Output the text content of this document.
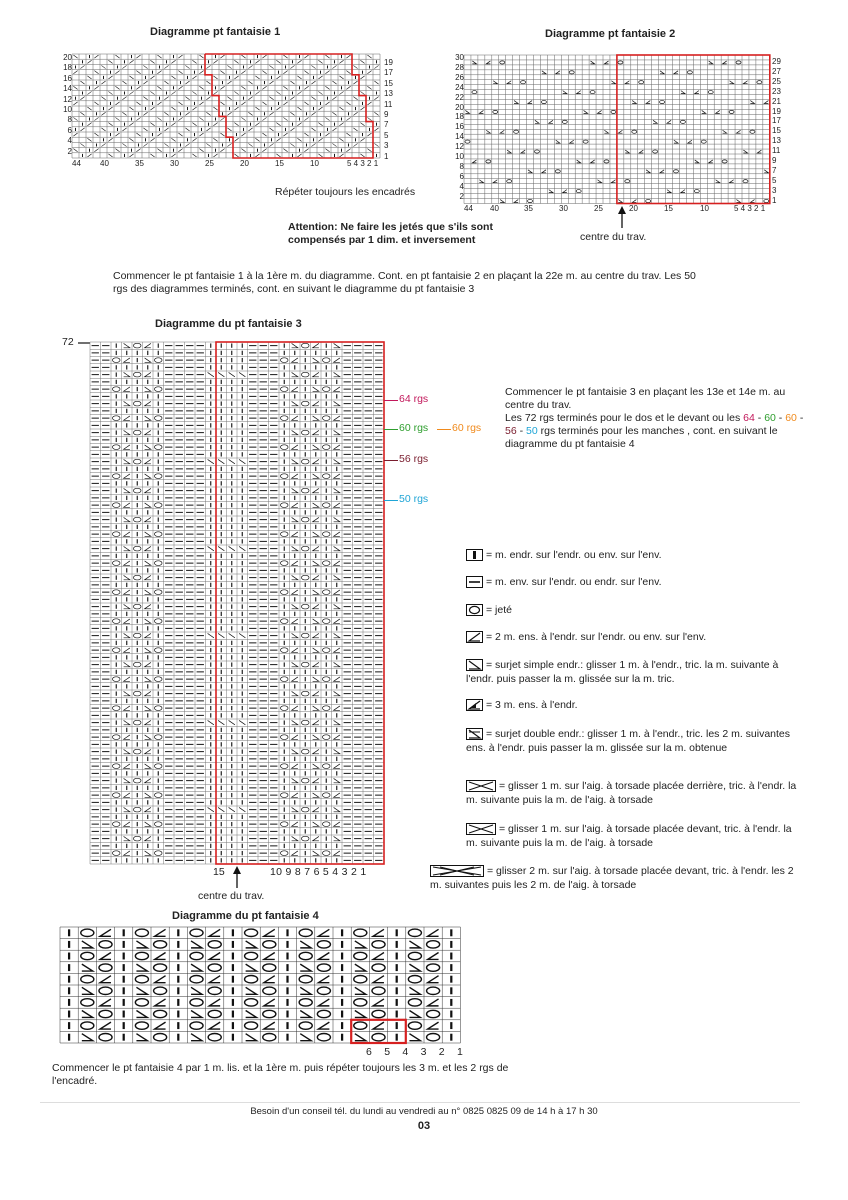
Diagramme pt fantaisie 1
20
18
16
14
12
10
8
6
4
2
19
17
15
13
11
9
7
5
3
1
44 40	35	30	25	20	15	10	5 4 3 2 1
Diagramme pt fantaisie 2
30
28
26
24
22
20
18
16
14
12
10
8
6
4
2
29
27
25
23
21
19
17
15
13
11
9
7
5
3
1
44 40	35	30	25	20	15	10	5 4 3 2 1
Répéter toujours les encadrés
Attention: Ne faire les jetés que s'ils sont compensés par 1 dim. et inversement	centre du trav.
Commencer le pt fantaisie 1 à la 1ère m. du diagramme. Cont. en pt fantaisie 2 en plaçant la 22e m. au centre du trav. Les 50 rgs des diagrammes terminés, cont. en suivant le diagramme du pt fantaisie 3
Diagramme du pt fantaisie 3
72
64 rgs
60 rgs 60 rgs
56 rgs
50 rgs
15	10 9 8 7 6 5 4 3 2 1
centre du trav.
Commencer le pt fantaisie 3 en plaçant les 13e et 14e m. au centre du trav.
Les 72 rgs terminés pour le dos et le devant ou les 64 - 60 - 60 - 56 - 50 rgs terminés pour les manches , cont. en suivant le diagramme du pt fantaisie 4
= m. endr. sur l'endr. ou env. sur l'env.
= m. env. sur l'endr. ou endr. sur l'env.
= jeté
= 2 m. ens. à l'endr. sur l'endr. ou env. sur l'env.
= surjet simple endr.: glisser 1 m. à l'endr., tric. la m. suivante à l'endr. puis passer la m. glissée sur la m. tric.
= 3 m. ens. à l'endr.
= surjet double endr.: glisser 1 m. à l'endr., tric. les 2 m. suivantes ens. à l'endr. puis passer la m. glissée sur la m. obtenue
= glisser 1 m. sur l'aig. à torsade placée derrière, tric. à l'endr. la m. suivante puis la m. de l'aig. à torsade
= glisser 1 m. sur l'aig. à torsade placée devant, tric. à l'endr. la m. suivante puis la m. de l'aig. à torsade
= glisser 2 m. sur l'aig. à torsade placée devant, tric. à l'endr. les 2 m. suivantes puis les 2 m. de l'aig. à torsade
Diagramme du pt fantaisie 4
6 5 4 3 2 1
Commencer le pt fantaisie 4 par 1 m. lis. et la 1ère m. puis répéter toujours les 3 m. et les 2 rgs de l'encadré.
Besoin d'un conseil tél. du lundi au vendredi au n° 0825 0825 09 de 14 h à 17 h 30
03
